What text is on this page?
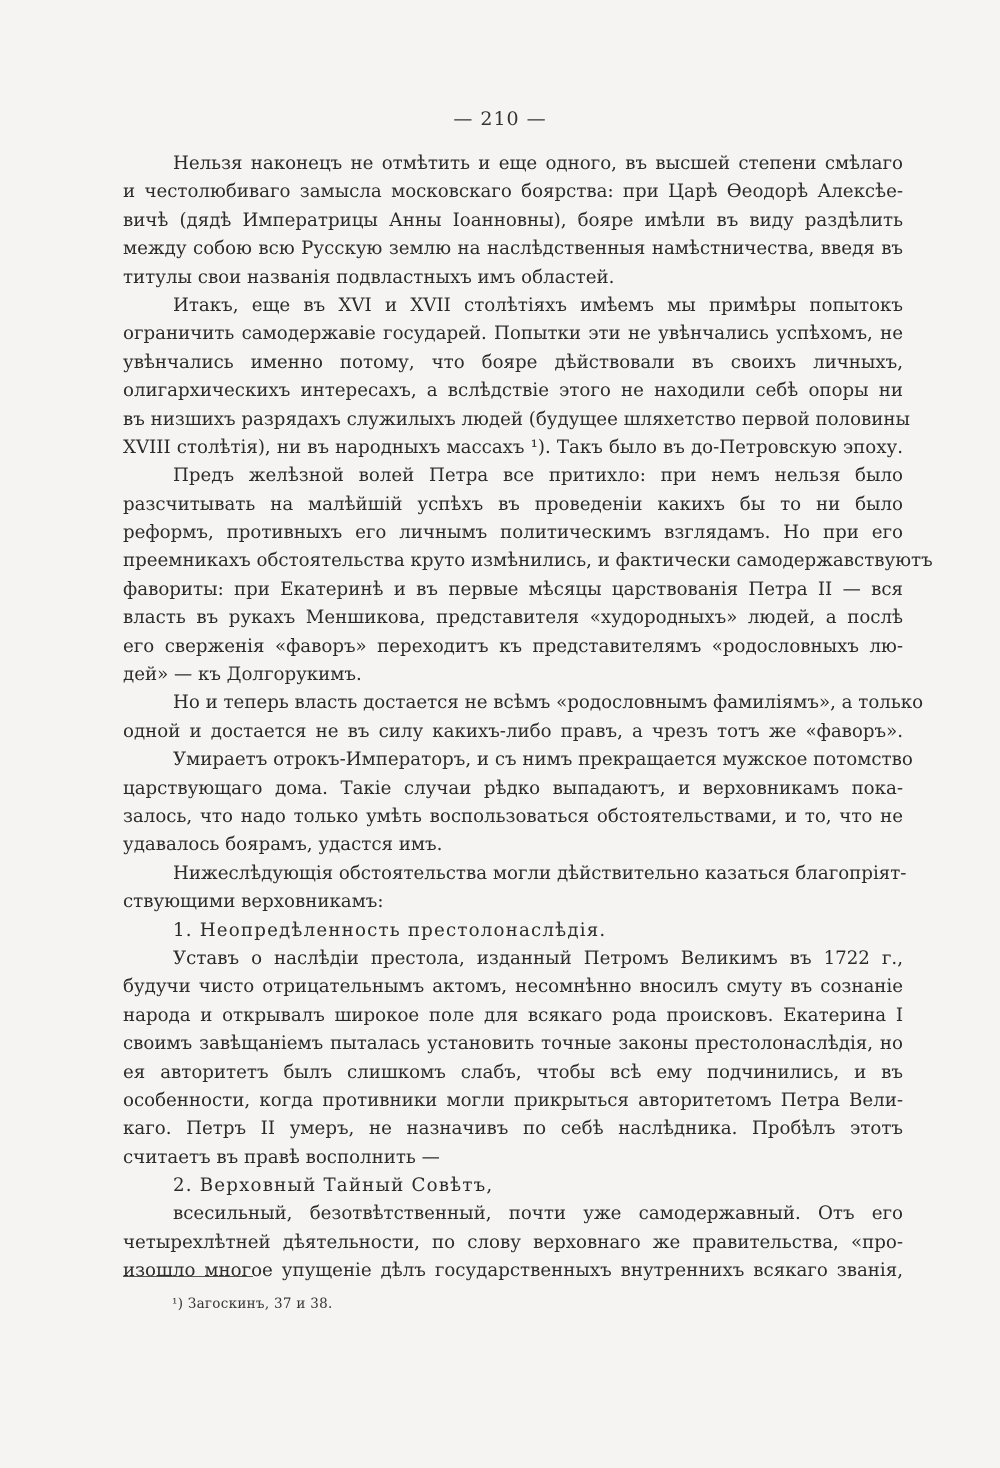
— 210 —
Нельзя наконецъ не отмѣтить и еще одного, въ высшей степени смѣлаго
и честолюбиваго замысла московскаго боярства: при Царѣ Ѳеодорѣ Алексѣе-
вичѣ (дядѣ Императрицы Анны Іоанновны), бояре имѣли въ виду раздѣлить
между собою всю Русскую землю на наслѣдственныя намѣстничества, введя въ
титулы свои названія подвластныхъ имъ областей.
Итакъ, еще въ XVI и XVII столѣтіяхъ имѣемъ мы примѣры попытокъ
ограничить самодержавіе государей. Попытки эти не увѣнчались успѣхомъ, не
увѣнчались именно потому, что бояре дѣйствовали въ своихъ личныхъ,
олигархическихъ интересахъ, а вслѣдствіе этого не находили себѣ опоры ни
въ низшихъ разрядахъ служилыхъ людей (будущее шляхетство первой половины
XVIII столѣтія), ни въ народныхъ массахъ ¹). Такъ было въ до-Петровскую эпоху.
Предъ желѣзной волей Петра все притихло: при немъ нельзя было
разсчитывать на малѣйшій успѣхъ въ проведеніи какихъ бы то ни было
реформъ, противныхъ его личнымъ политическимъ взглядамъ. Но при его
преемникахъ обстоятельства круто измѣнились, и фактически самодержавствуютъ
фавориты: при Екатеринѣ и въ первые мѣсяцы царствованія Петра II — вся
власть въ рукахъ Меншикова, представителя «худородныхъ» людей, а послѣ
его сверженія «фаворъ» переходитъ къ представителямъ «родословныхъ лю-
дей» — къ Долгорукимъ.
Но и теперь власть достается не всѣмъ «родословнымъ фамиліямъ», а только
одной и достается не въ силу какихъ-либо правъ, а чрезъ тотъ же «фаворъ».
Умираетъ отрокъ-Императоръ, и съ нимъ прекращается мужское потомство
царствующаго дома. Такіе случаи рѣдко выпадаютъ, и верховникамъ пока-
залось, что надо только умѣть воспользоваться обстоятельствами, и то, что не
удавалось боярамъ, удастся имъ.
Нижеслѣдующія обстоятельства могли дѣйствительно казаться благопріят-
ствующими верховникамъ:
1. Неопредѣленность престолонаслѣдія.
Уставъ о наслѣдіи престола, изданный Петромъ Великимъ въ 1722 г.,
будучи чисто отрицательнымъ актомъ, несомнѣнно вносилъ смуту въ сознаніе
народа и открывалъ широкое поле для всякаго рода происковъ. Екатерина I
своимъ завѣщаніемъ пыталась установить точные законы престолонаслѣдія, но
ея авторитетъ былъ слишкомъ слабъ, чтобы всѣ ему подчинились, и въ
особенности, когда противники могли прикрыться авторитетомъ Петра Вели-
каго. Петръ II умеръ, не назначивъ по себѣ наслѣдника. Пробѣлъ этотъ
считаетъ въ правѣ восполнить —
2. Верховный Тайный Совѣтъ,
всесильный, безотвѣтственный, почти уже самодержавный. Отъ его
четырехлѣтней дѣятельности, по слову верховнаго же правительства, «про-
изошло многое упущеніе дѣлъ государственныхъ внутреннихъ всякаго званія,
¹) Загоскинъ, 37 и 38.
